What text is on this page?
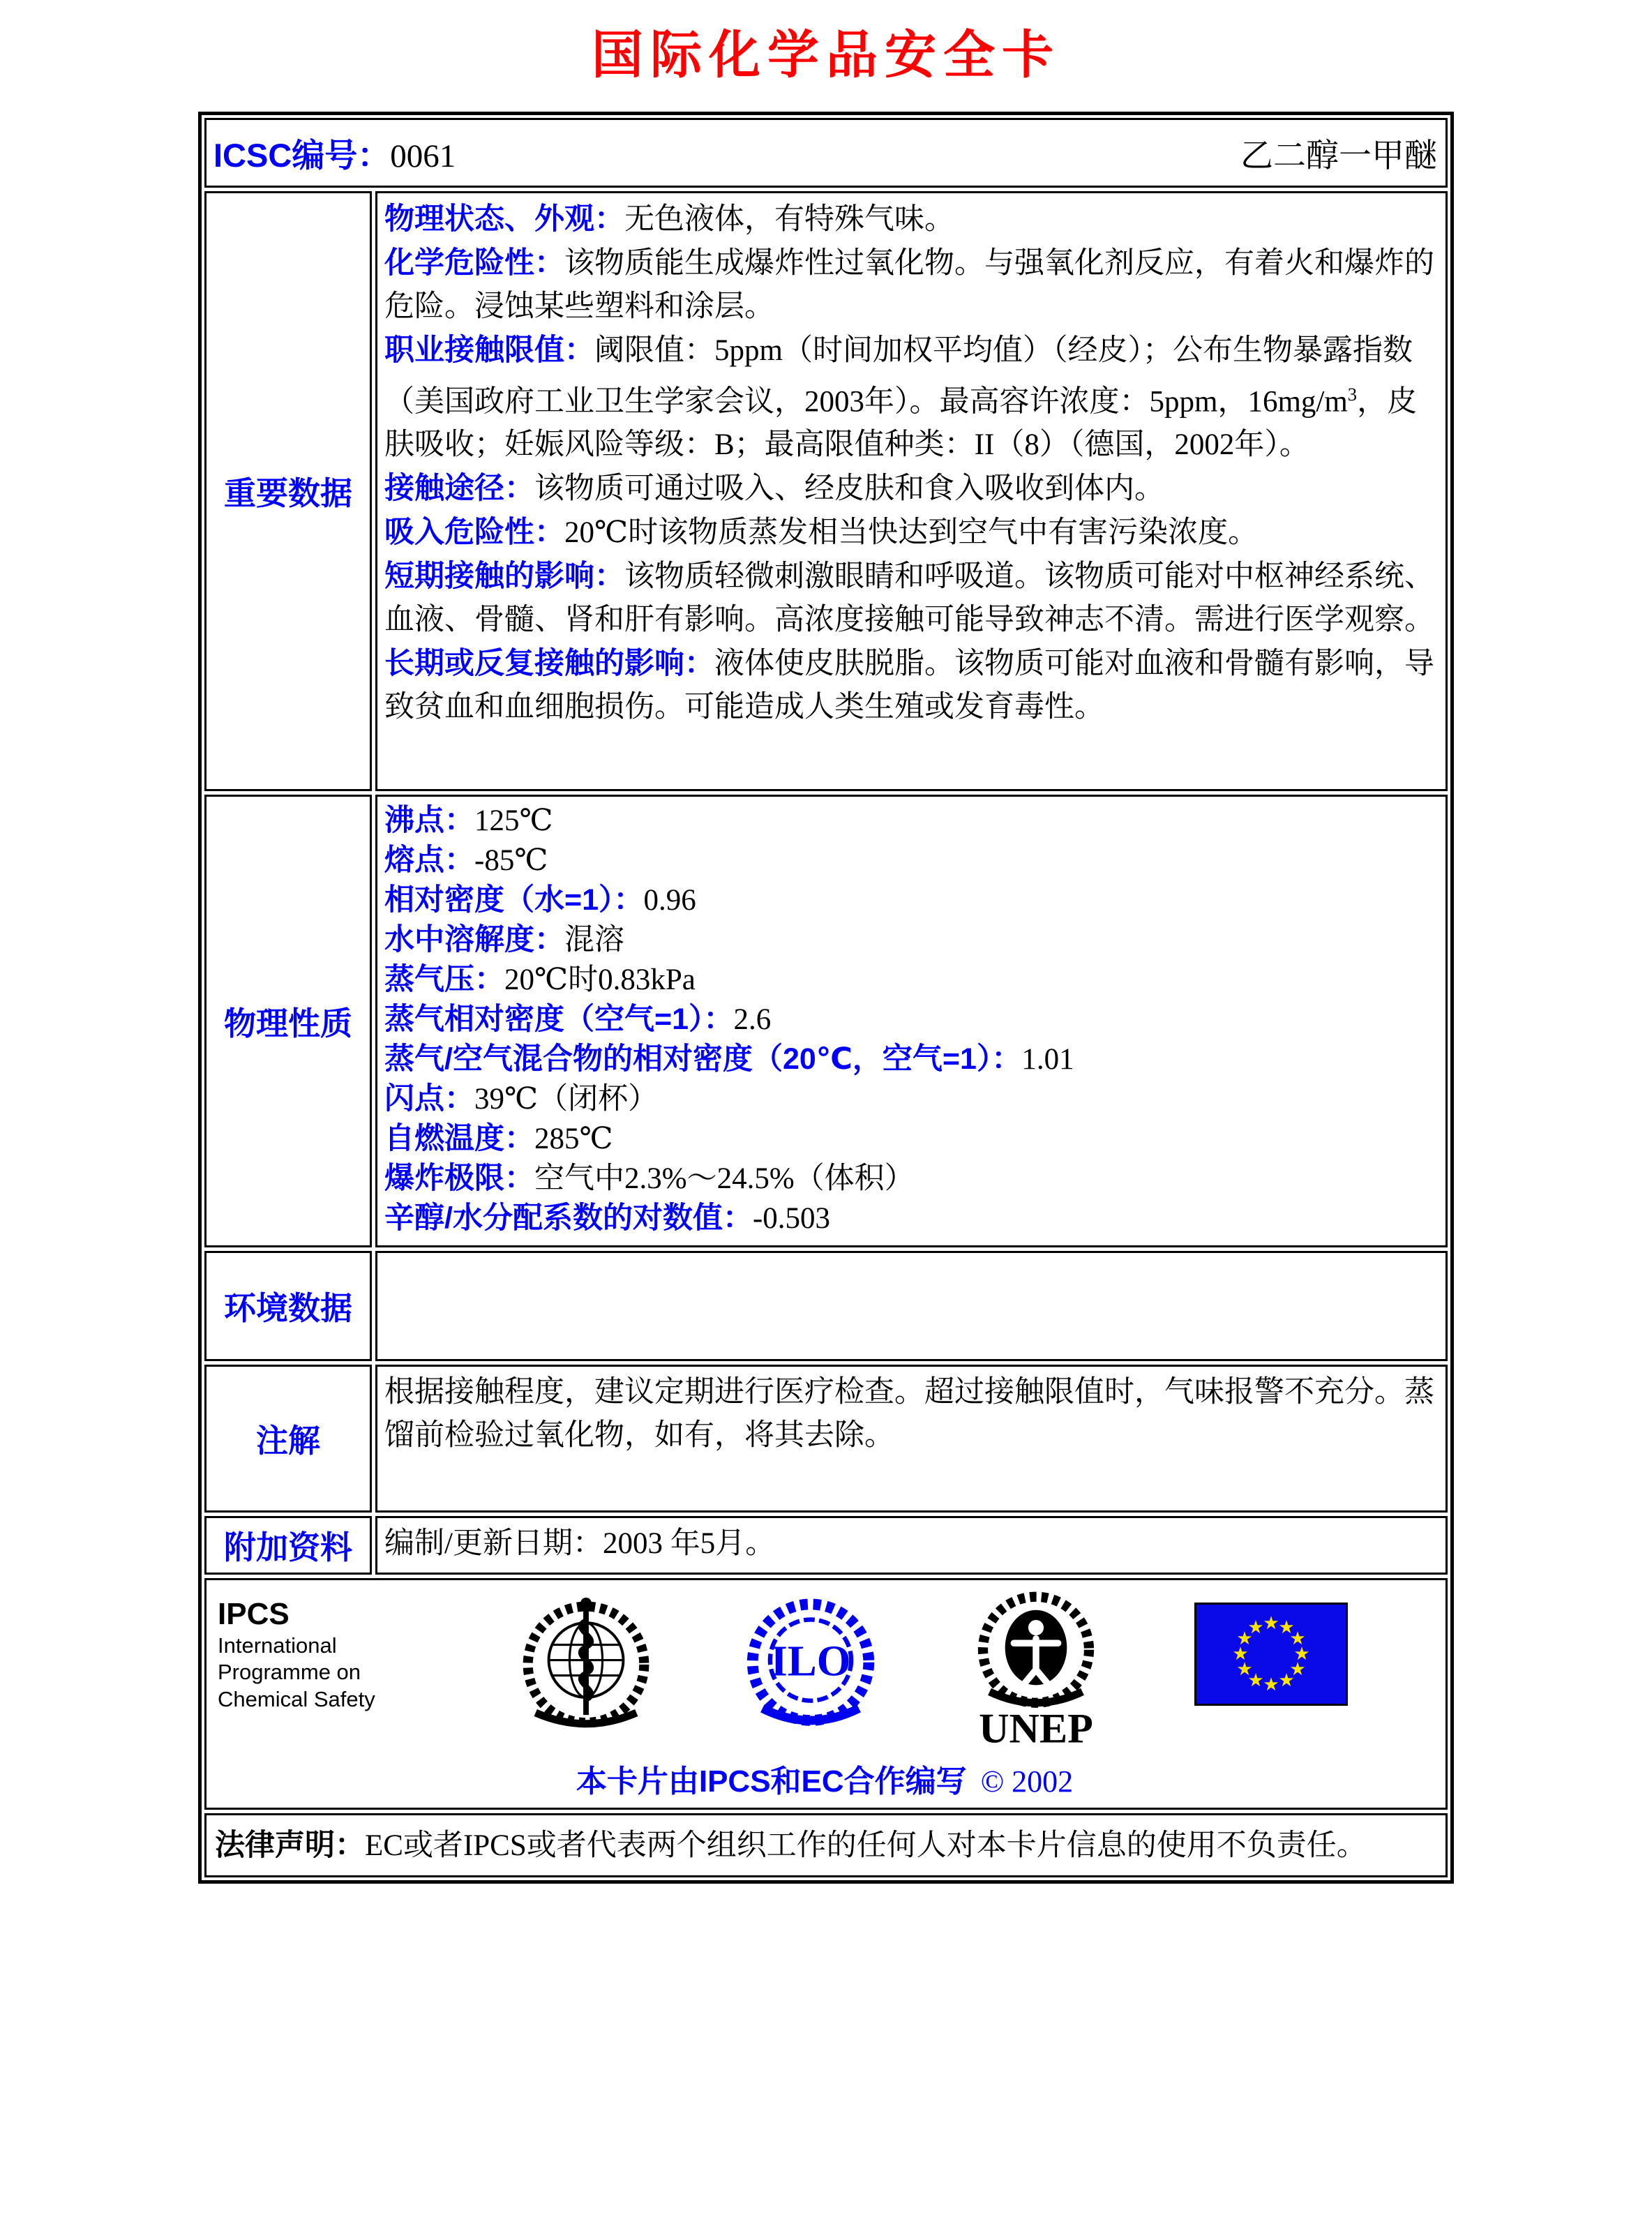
国际化学品安全卡
ICSC编号：0061	乙二醇一甲醚
重要数据
物理状态、外观：无色液体，有特殊气味。
化学危险性：该物质能生成爆炸性过氧化物。与强氧化剂反应，有着火和爆炸的危险。浸蚀某些塑料和涂层。
职业接触限值：阈限值：5ppm（时间加权平均值）（经皮）；公布生物暴露指数（美国政府工业卫生学家会议，2003年）。最高容许浓度：5ppm，$16mg/m^3$，皮肤吸收；妊娠风险等级：B；最高限值种类：II（8）（德国，2002年）。
接触途径：该物质可通过吸入、经皮肤和食入吸收到体内。
吸入危险性：20℃时该物质蒸发相当快达到空气中有害污染浓度。
短期接触的影响：该物质轻微刺激眼睛和呼吸道。该物质可能对中枢神经系统、血液、骨髓、肾和肝有影响。高浓度接触可能导致神志不清。需进行医学观察。
长期或反复接触的影响：液体使皮肤脱脂。该物质可能对血液和骨髓有影响，导致贫血和血细胞损伤。可能造成人类生殖或发育毒性。
物理性质
沸点：125℃
熔点：-85℃
相对密度（水=1）：0.96
水中溶解度：混溶
蒸气压：20℃时0.83kPa
蒸气相对密度（空气=1）：2.6
蒸气/空气混合物的相对密度（20℃，空气=1）：1.01
闪点：39℃（闭杯）
自燃温度：285℃
爆炸极限：空气中2.3%～24.5%（体积）
辛醇/水分配系数的对数值：-0.503
环境数据
注解
根据接触程度，建议定期进行医疗检查。超过接触限值时，气味报警不充分。蒸馏前检验过氧化物，如有，将其去除。
附加资料 编制/更新日期：2003 年5月。
IPCS
International
Programme on
Chemical Safety
ILO
UNEP
★
★
★
★
★
★
★
★
★
★
★
★
本卡片由IPCS和EC合作编写 © 2002
法律声明：EC或者IPCS或者代表两个组织工作的任何人对本卡片信息的使用不负责任。
